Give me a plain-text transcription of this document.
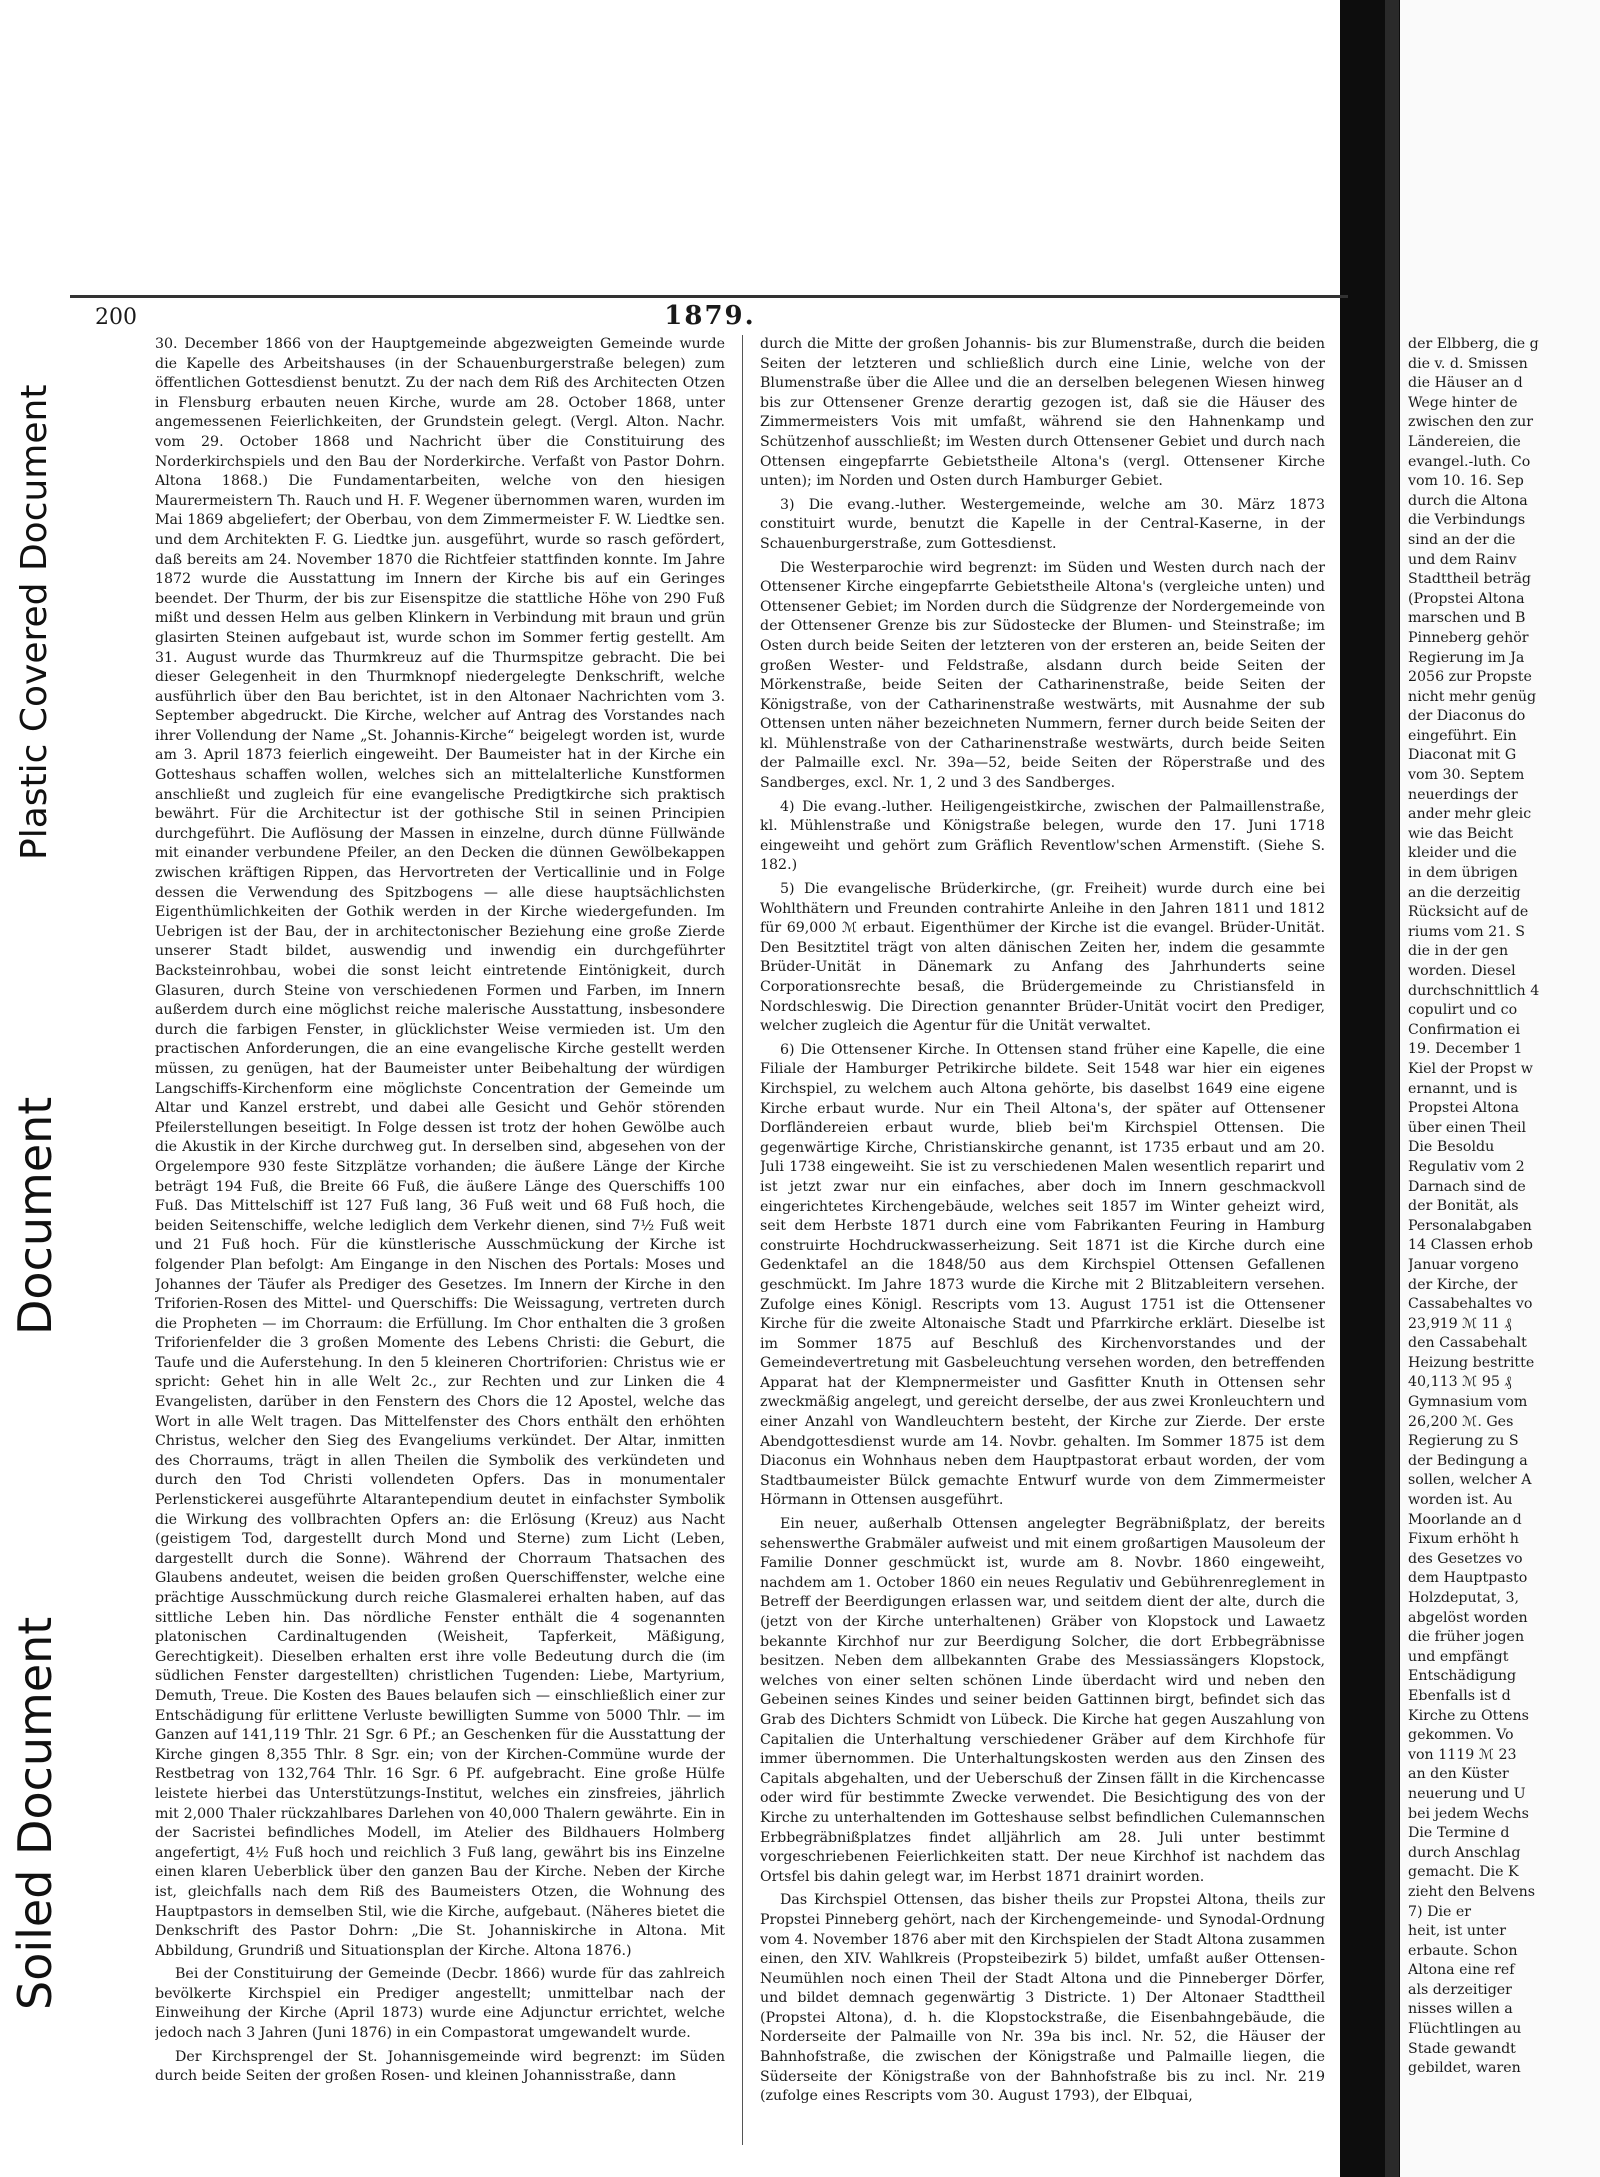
Soiled Document
Document
Plastic Covered Document
200	1879.

30. December 1866 von der Hauptgemeinde abgezweigten Gemeinde wurde die Kapelle des Arbeitshauses (in der Schauenburgerstraße belegen) zum öffentlichen Gottesdienst benutzt. Zu der nach dem Riß des Architecten Otzen in Flensburg erbauten neuen Kirche, wurde am 28. October 1868, unter angemessenen Feierlichkeiten, der Grundstein gelegt. (Vergl. Alton. Nachr. vom 29. October 1868 und Nachricht über die Constituirung des Norderkirchspiels und den Bau der Norderkirche. Verfaßt von Pastor Dohrn. Altona 1868.) Die Fundamentarbeiten, welche von den hiesigen Maurermeistern Th. Rauch und H. F. Wegener übernommen waren, wurden im Mai 1869 abgeliefert; der Oberbau, von dem Zimmermeister F. W. Liedtke sen. und dem Architekten F. G. Liedtke jun. ausgeführt, wurde so rasch gefördert, daß bereits am 24. November 1870 die Richtfeier stattfinden konnte. Im Jahre 1872 wurde die Ausstattung im Innern der Kirche bis auf ein Geringes beendet. Der Thurm, der bis zur Eisenspitze die stattliche Höhe von 290 Fuß mißt und dessen Helm aus gelben Klinkern in Verbindung mit braun und grün glasirten Steinen aufgebaut ist, wurde schon im Sommer fertig gestellt. Am 31. August wurde das Thurmkreuz auf die Thurmspitze gebracht. Die bei dieser Gelegenheit in den Thurmknopf niedergelegte Denkschrift, welche ausführlich über den Bau berichtet, ist in den Altonaer Nachrichten vom 3. September abgedruckt. Die Kirche, welcher auf Antrag des Vorstandes nach ihrer Vollendung der Name „St. Johannis-Kirche“ beigelegt worden ist, wurde am 3. April 1873 feierlich eingeweiht. Der Baumeister hat in der Kirche ein Gotteshaus schaffen wollen, welches sich an mittelalterliche Kunstformen anschließt und zugleich für eine evangelische Predigtkirche sich praktisch bewährt. Für die Architectur ist der gothische Stil in seinen Principien durchgeführt. Die Auflösung der Massen in einzelne, durch dünne Füllwände mit einander verbundene Pfeiler, an den Decken die dünnen Gewölbekappen zwischen kräftigen Rippen, das Hervortreten der Verticallinie und in Folge dessen die Verwendung des Spitzbogens — alle diese hauptsächlichsten Eigenthümlichkeiten der Gothik werden in der Kirche wiedergefunden. Im Uebrigen ist der Bau, der in architectonischer Beziehung eine große Zierde unserer Stadt bildet, auswendig und inwendig ein durchgeführter Backsteinrohbau, wobei die sonst leicht eintretende Eintönigkeit, durch Glasuren, durch Steine von verschiedenen Formen und Farben, im Innern außerdem durch eine möglichst reiche malerische Ausstattung, insbesondere durch die farbigen Fenster, in glücklichster Weise vermieden ist. Um den practischen Anforderungen, die an eine evangelische Kirche gestellt werden müssen, zu genügen, hat der Baumeister unter Beibehaltung der würdigen Langschiffs-Kirchenform eine möglichste Concentration der Gemeinde um Altar und Kanzel erstrebt, und dabei alle Gesicht und Gehör störenden Pfeilerstellungen beseitigt. In Folge dessen ist trotz der hohen Gewölbe auch die Akustik in der Kirche durchweg gut. In derselben sind, abgesehen von der Orgelempore 930 feste Sitzplätze vorhanden; die äußere Länge der Kirche beträgt 194 Fuß, die Breite 66 Fuß, die äußere Länge des Querschiffs 100 Fuß. Das Mittelschiff ist 127 Fuß lang, 36 Fuß weit und 68 Fuß hoch, die beiden Seitenschiffe, welche lediglich dem Verkehr dienen, sind 7½ Fuß weit und 21 Fuß hoch. Für die künstlerische Ausschmückung der Kirche ist folgender Plan befolgt: Am Eingange in den Nischen des Portals: Moses und Johannes der Täufer als Prediger des Gesetzes. Im Innern der Kirche in den Triforien-Rosen des Mittel- und Querschiffs: Die Weissagung, vertreten durch die Propheten — im Chorraum: die Erfüllung. Im Chor enthalten die 3 großen Triforienfelder die 3 großen Momente des Lebens Christi: die Geburt, die Taufe und die Auferstehung. In den 5 kleineren Chortriforien: Christus wie er spricht: Gehet hin in alle Welt 2c., zur Rechten und zur Linken die 4 Evangelisten, darüber in den Fenstern des Chors die 12 Apostel, welche das Wort in alle Welt tragen. Das Mittelfenster des Chors enthält den erhöhten Christus, welcher den Sieg des Evangeliums verkündet. Der Altar, inmitten des Chorraums, trägt in allen Theilen die Symbolik des verkündeten und durch den Tod Christi vollendeten Opfers. Das in monumentaler Perlenstickerei ausgeführte Altarantependium deutet in einfachster Symbolik die Wirkung des vollbrachten Opfers an: die Erlösung (Kreuz) aus Nacht (geistigem Tod, dargestellt durch Mond und Sterne) zum Licht (Leben, dargestellt durch die Sonne). Während der Chorraum Thatsachen des Glaubens andeutet, weisen die beiden großen Querschiffenster, welche eine prächtige Ausschmückung durch reiche Glasmalerei erhalten haben, auf das sittliche Leben hin. Das nördliche Fenster enthält die 4 sogenannten platonischen Cardinaltugenden (Weisheit, Tapferkeit, Mäßigung, Gerechtigkeit). Dieselben erhalten erst ihre volle Bedeutung durch die (im südlichen Fenster dargestellten) christlichen Tugenden: Liebe, Martyrium, Demuth, Treue. Die Kosten des Baues belaufen sich — einschließlich einer zur Entschädigung für erlittene Verluste bewilligten Summe von 5000 Thlr. — im Ganzen auf 141,119 Thlr. 21 Sgr. 6 Pf.; an Geschenken für die Ausstattung der Kirche gingen 8,355 Thlr. 8 Sgr. ein; von der Kirchen-Commüne wurde der Restbetrag von 132,764 Thlr. 16 Sgr. 6 Pf. aufgebracht. Eine große Hülfe leistete hierbei das Unterstützungs-Institut, welches ein zinsfreies, jährlich mit 2,000 Thaler rückzahlbares Darlehen von 40,000 Thalern gewährte. Ein in der Sacristei befindliches Modell, im Atelier des Bildhauers Holmberg angefertigt, 4½ Fuß hoch und reichlich 3 Fuß lang, gewährt bis ins Einzelne einen klaren Ueberblick über den ganzen Bau der Kirche. Neben der Kirche ist, gleichfalls nach dem Riß des Baumeisters Otzen, die Wohnung des Hauptpastors in demselben Stil, wie die Kirche, aufgebaut. (Näheres bietet die Denkschrift des Pastor Dohrn: „Die St. Johanniskirche in Altona. Mit Abbildung, Grundriß und Situationsplan der Kirche. Altona 1876.)

Bei der Constituirung der Gemeinde (Decbr. 1866) wurde für das zahlreich bevölkerte Kirchspiel ein Prediger angestellt; unmittelbar nach der Einweihung der Kirche (April 1873) wurde eine Adjunctur errichtet, welche jedoch nach 3 Jahren (Juni 1876) in ein Compastorat umgewandelt wurde.

Der Kirchsprengel der St. Johannisgemeinde wird begrenzt: im Süden durch beide Seiten der großen Rosen- und kleinen Johannisstraße, dann

durch die Mitte der großen Johannis- bis zur Blumenstraße, durch die beiden Seiten der letzteren und schließlich durch eine Linie, welche von der Blumenstraße über die Allee und die an derselben belegenen Wiesen hinweg bis zur Ottensener Grenze derartig gezogen ist, daß sie die Häuser des Zimmermeisters Vois mit umfaßt, während sie den Hahnenkamp und Schützenhof ausschließt; im Westen durch Ottensener Gebiet und durch nach Ottensen eingepfarrte Gebietstheile Altona's (vergl. Ottensener Kirche unten); im Norden und Osten durch Hamburger Gebiet.

3) Die evang.-luther. Westergemeinde, welche am 30. März 1873 constituirt wurde, benutzt die Kapelle in der Central-Kaserne, in der Schauenburgerstraße, zum Gottesdienst.

Die Westerparochie wird begrenzt: im Süden und Westen durch nach der Ottensener Kirche eingepfarrte Gebietstheile Altona's (vergleiche unten) und Ottensener Gebiet; im Norden durch die Südgrenze der Nordergemeinde von der Ottensener Grenze bis zur Südostecke der Blumen- und Steinstraße; im Osten durch beide Seiten der letzteren von der ersteren an, beide Seiten der großen Wester- und Feldstraße, alsdann durch beide Seiten der Mörkenstraße, beide Seiten der Catharinenstraße, beide Seiten der Königstraße, von der Catharinenstraße westwärts, mit Ausnahme der sub Ottensen unten näher bezeichneten Nummern, ferner durch beide Seiten der kl. Mühlenstraße von der Catharinenstraße westwärts, durch beide Seiten der Palmaille excl. Nr. 39a—52, beide Seiten der Röperstraße und des Sandberges, excl. Nr. 1, 2 und 3 des Sandberges.

4) Die evang.-luther. Heiligengeistkirche, zwischen der Palmaillenstraße, kl. Mühlenstraße und Königstraße belegen, wurde den 17. Juni 1718 eingeweiht und gehört zum Gräflich Reventlow'schen Armenstift. (Siehe S. 182.)

5) Die evangelische Brüderkirche, (gr. Freiheit) wurde durch eine bei Wohlthätern und Freunden contrahirte Anleihe in den Jahren 1811 und 1812 für 69,000 ℳ erbaut. Eigenthümer der Kirche ist die evangel. Brüder-Unität. Den Besitztitel trägt von alten dänischen Zeiten her, indem die gesammte Brüder-Unität in Dänemark zu Anfang des Jahrhunderts seine Corporationsrechte besaß, die Brüdergemeinde zu Christiansfeld in Nordschleswig. Die Direction genannter Brüder-Unität vocirt den Prediger, welcher zugleich die Agentur für die Unität verwaltet.

6) Die Ottensener Kirche. In Ottensen stand früher eine Kapelle, die eine Filiale der Hamburger Petrikirche bildete. Seit 1548 war hier ein eigenes Kirchspiel, zu welchem auch Altona gehörte, bis daselbst 1649 eine eigene Kirche erbaut wurde. Nur ein Theil Altona's, der später auf Ottensener Dorfländereien erbaut wurde, blieb bei'm Kirchspiel Ottensen. Die gegenwärtige Kirche, Christianskirche genannt, ist 1735 erbaut und am 20. Juli 1738 eingeweiht. Sie ist zu verschiedenen Malen wesentlich reparirt und ist jetzt zwar nur ein einfaches, aber doch im Innern geschmackvoll eingerichtetes Kirchengebäude, welches seit 1857 im Winter geheizt wird, seit dem Herbste 1871 durch eine vom Fabrikanten Feuring in Hamburg construirte Hochdruckwasserheizung. Seit 1871 ist die Kirche durch eine Gedenktafel an die 1848/50 aus dem Kirchspiel Ottensen Gefallenen geschmückt. Im Jahre 1873 wurde die Kirche mit 2 Blitzableitern versehen. Zufolge eines Königl. Rescripts vom 13. August 1751 ist die Ottensener Kirche für die zweite Altonaische Stadt und Pfarrkirche erklärt. Dieselbe ist im Sommer 1875 auf Beschluß des Kirchenvorstandes und der Gemeindevertretung mit Gasbeleuchtung versehen worden, den betreffenden Apparat hat der Klempnermeister und Gasfitter Knuth in Ottensen sehr zweckmäßig angelegt, und gereicht derselbe, der aus zwei Kronleuchtern und einer Anzahl von Wandleuchtern besteht, der Kirche zur Zierde. Der erste Abendgottesdienst wurde am 14. Novbr. gehalten. Im Sommer 1875 ist dem Diaconus ein Wohnhaus neben dem Hauptpastorat erbaut worden, der vom Stadtbaumeister Bülck gemachte Entwurf wurde von dem Zimmermeister Hörmann in Ottensen ausgeführt.

Ein neuer, außerhalb Ottensen angelegter Begräbnißplatz, der bereits sehenswerthe Grabmäler aufweist und mit einem großartigen Mausoleum der Familie Donner geschmückt ist, wurde am 8. Novbr. 1860 eingeweiht, nachdem am 1. October 1860 ein neues Regulativ und Gebührenreglement in Betreff der Beerdigungen erlassen war, und seitdem dient der alte, durch die (jetzt von der Kirche unterhaltenen) Gräber von Klopstock und Lawaetz bekannte Kirchhof nur zur Beerdigung Solcher, die dort Erbbegräbnisse besitzen. Neben dem allbekannten Grabe des Messiassängers Klopstock, welches von einer selten schönen Linde überdacht wird und neben den Gebeinen seines Kindes und seiner beiden Gattinnen birgt, befindet sich das Grab des Dichters Schmidt von Lübeck. Die Kirche hat gegen Auszahlung von Capitalien die Unterhaltung verschiedener Gräber auf dem Kirchhofe für immer übernommen. Die Unterhaltungskosten werden aus den Zinsen des Capitals abgehalten, und der Ueberschuß der Zinsen fällt in die Kirchencasse oder wird für bestimmte Zwecke verwendet. Die Besichtigung des von der Kirche zu unterhaltenden im Gotteshause selbst befindlichen Culemannschen Erbbegräbnißplatzes findet alljährlich am 28. Juli unter bestimmt vorgeschriebenen Feierlichkeiten statt. Der neue Kirchhof ist nachdem das Ortsfel bis dahin gelegt war, im Herbst 1871 drainirt worden.

Das Kirchspiel Ottensen, das bisher theils zur Propstei Altona, theils zur Propstei Pinneberg gehört, nach der Kirchengemeinde- und Synodal-Ordnung vom 4. November 1876 aber mit den Kirchspielen der Stadt Altona zusammen einen, den XIV. Wahlkreis (Propsteibezirk 5) bildet, umfaßt außer Ottensen-Neumühlen noch einen Theil der Stadt Altona und die Pinneberger Dörfer, und bildet demnach gegenwärtig 3 Districte. 1) Der Altonaer Stadttheil (Propstei Altona), d. h. die Klopstockstraße, die Eisenbahngebäude, die Norderseite der Palmaille von Nr. 39a bis incl. Nr. 52, die Häuser der Bahnhofstraße, die zwischen der Königstraße und Palmaille liegen, die Süderseite der Königstraße von der Bahnhofstraße bis zu incl. Nr. 219 (zufolge eines Rescripts vom 30. August 1793), der Elbquai,

der Elbberg, die g
die v. d. Smissen
die Häuser an d
Wege hinter de
zwischen den zur
Ländereien, die
evangel.-luth. Co
vom 10. 16. Sep
durch die Altona
die Verbindungs
sind an der die
und dem Rainv
Stadttheil beträg
(Propstei Altona
marschen und B
Pinneberg gehör
Regierung im Ja
2056 zur Propste
nicht mehr genüg
der Diaconus do
eingeführt. Ein
Diaconat mit G
vom 30. Septem
neuerdings der
ander mehr gleic
wie das Beicht
kleider und die
in dem übrigen
an die derzeitig
Rücksicht auf de
riums vom 21. S
die in der gen
worden. Diesel
durchschnittlich 4
copulirt und co
Confirmation ei
19. December 1
Kiel der Propst w
ernannt, und is
Propstei Altona
über einen Theil
Die Besoldu
Regulativ vom 2
Darnach sind de
der Bonität, als
Personalabgaben
14 Classen erhob
Januar vorgeno
der Kirche, der
Cassabehaltes vo
23,919 ℳ 11 ₰
den Cassabehalt
Heizung bestritte
40,113 ℳ 95 ₰
Gymnasium vom
26,200 ℳ. Ges
Regierung zu S
der Bedingung a
sollen, welcher A
worden ist. Au
Moorlande an d
Fixum erhöht h
des Gesetzes vo
dem Hauptpasto
Holzdeputat, 3,
abgelöst worden
die früher jogen
und empfängt
Entschädigung
Ebenfalls ist d
Kirche zu Ottens
gekommen. Vo
von 1119 ℳ 23
an den Küster
neuerung und U
bei jedem Wechs
Die Termine d
durch Anschlag
gemacht. Die K
zieht den Belvens
7) Die er
heit, ist unter
erbaute. Schon
Altona eine ref
als derzeitiger
nisses willen a
Flüchtlingen au
Stade gewandt
gebildet, waren
